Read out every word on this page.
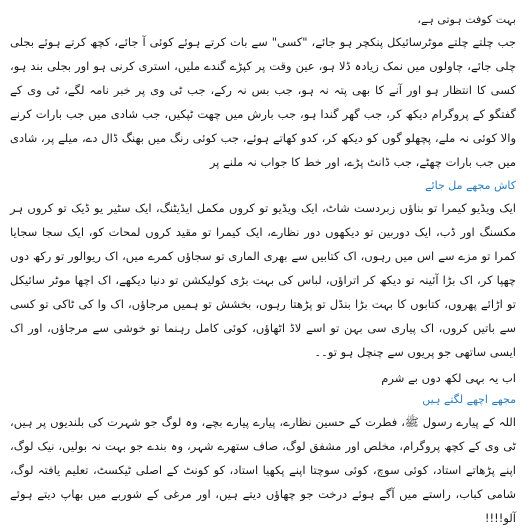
بہت کوفت ہوتی ہے،

جب چلتے چلتے موٹرسائیکل پنکچر ہو جائے، "کسی" سے بات کرتے ہوئے کوئی آ جائے، کچھ کرتے ہوئے بجلی چلی جائے، چاولوں میں نمک زیادہ ڈلا ہو، عین وقت پر کپڑے گندے ملیں، استری کرنی ہو اور بجلی بند ہو، کسی کا انتظار ہو اور آنے کا بھی پتہ نہ ہو، جب بس نہ رکے، جب ٹی وی پر خبر نامہ لگے، ٹی وی کے گفتگو کے پروگرام دیکھ کر، جب گھر گندا ہو، جب بارش میں چھت ٹپکیں، جب شادی میں جب بارات کرنے والا کوئی نہ ملے، پچھلو گوں کو دیکھ کر، کدو کھاتے ہوئے، جب کوئی رنگ میں بھنگ ڈال دے، میلے پر، شادی میں جب بارات چھٹے، جب ڈانٹ پڑے، اور خط کا جواب نہ ملنے پر

کاش مجھے مل جائے

ایک ویڈیو کیمرا تو بناؤں زبردست شاٹ، ایک ویڈیو تو کروں مکمل ایڈیٹنگ، ایک سٹیر یو ڈیک تو کروں ہر مکسنگ اور ڈب، ایک دوربین تو دیکھوں دور نظارے، ایک کیمرا تو مقید کروں لمحات کو، ایک سجا سجایا کمرا تو مزے سے اس میں رہوں، اک کتابیں سے بھری الماری تو سجاؤں کمرے میں، اک ریوالور تو رکھ دوں چھپا کر، اک بڑا آئینہ تو دیکھ کر اتراؤں، لباس کی بہت بڑی کولیکشن تو دنیا دیکھے، اک اچھا موٹر سائیکل تو اڑائے پھروں، کتابوں کا بہت بڑا بنڈل تو پڑھتا رہوں، بخشش تو ہمیں مرجاؤں، اک وا کی ٹاکی تو کسی سے باتیں کروں، اک پیاری سی بہن تو اسے لاڈ اٹھاؤں، کوئی کامل رہنما تو خوشی سے مرجاؤں، اور اک ایسی ساتھی جو پریوں سے چنچل ہو تو۔۔

اب یہ بہی لکھ دوں بے شرم

مجھے اچھے لگتے ہیں

اللہ کے پیارے رسول ﷺ، فطرت کے حسین نظارے، پیارے پیارے بچے، وہ لوگ جو شہرت کی بلندیوں پر ہیں، ٹی وی کے کچھ پروگرام، مخلص اور مشفق لوگ، صاف ستھرے شہر، وہ بندے جو بہت نہ بولیں، نیک لوگ، اپنے پڑھاتے استاد، کوئی سوچ، کوئی سوچتا اپنے پکھیا استاد، کو کونٹ کے اصلی ٹیکسٹ، تعلیم یافتہ لوگ، شامی کباب، راستے میں آگے ہوئے درخت جو چھاؤں دیتے ہیں، اور مرغی کے شوربے میں بھاپ دیتے ہوئے آلو!!!!
